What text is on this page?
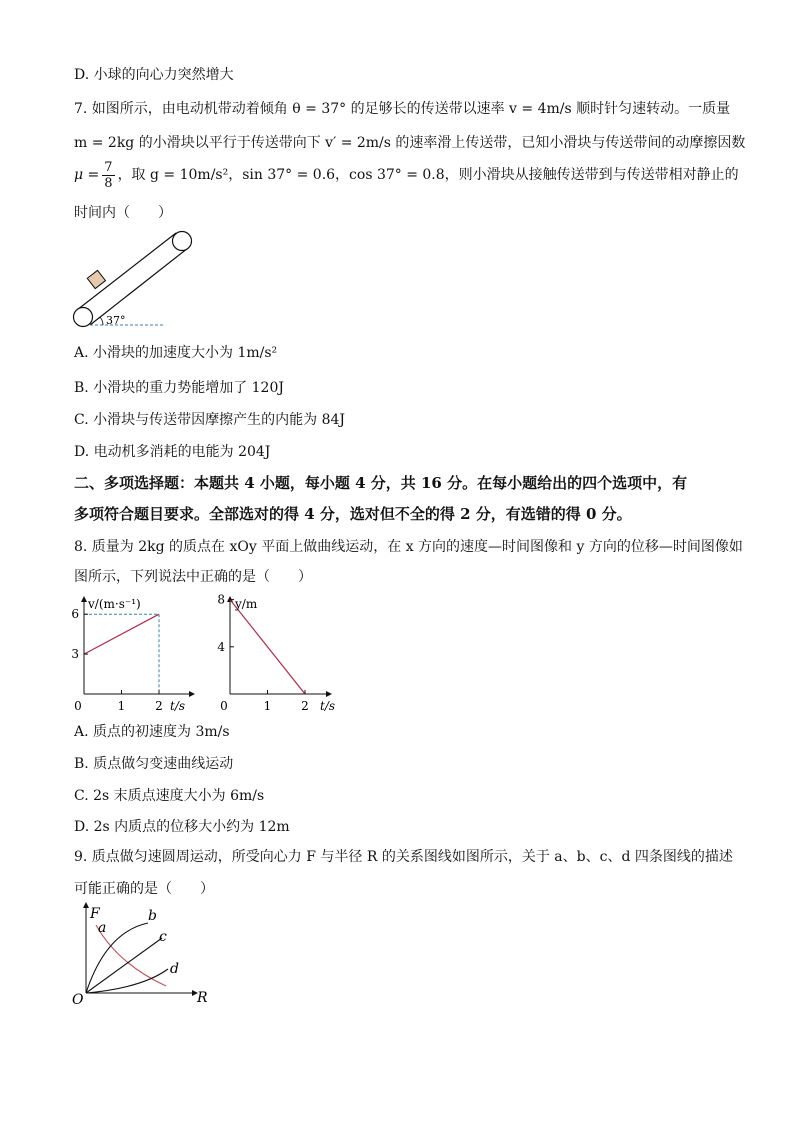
D. 小球的向心力突然增大
7. 如图所示，由电动机带动着倾角 θ = 37° 的足够长的传送带以速率 v = 4m/s 顺时针匀速转动。一质量
m = 2kg 的小滑块以平行于传送带向下 v′ = 2m/s 的速率滑上传送带，已知小滑块与传送带间的动摩擦因数
$\mu = \frac{7}{8}$ ，取 g = 10m/s²，sin 37° = 0.6，cos 37° = 0.8，则小滑块从接触传送带到与传送带相对静止的
时间内（　　）
37°
A. 小滑块的加速度大小为 1m/s²
B. 小滑块的重力势能增加了 120J
C. 小滑块与传送带因摩擦产生的内能为 84J
D. 电动机多消耗的电能为 204J
二、多项选择题：本题共 4 小题，每小题 4 分，共 16 分。在每小题给出的四个选项中，有
多项符合题目要求。全部选对的得 4 分，选对但不全的得 2 分，有选错的得 0 分。
8. 质量为 2kg 的质点在 xOy 平面上做曲线运动，在 x 方向的速度—时间图像和 y 方向的位移—时间图像如
图所示，下列说法中正确的是（　　）
0	1 2
3
6
v/(m·s⁻¹)
t/s	0	1 2
4
8 y/m
t/s
A. 质点的初速度为 3m/s
B. 质点做匀变速曲线运动
C. 2s 末质点速度大小为 6m/s
D. 2s 内质点的位移大小约为 12m
9. 质点做匀速圆周运动，所受向心力 F 与半径 R 的关系图线如图所示，关于 a、b、c、d 四条图线的描述
可能正确的是（　　）
F
R
O
a
b
c
d
